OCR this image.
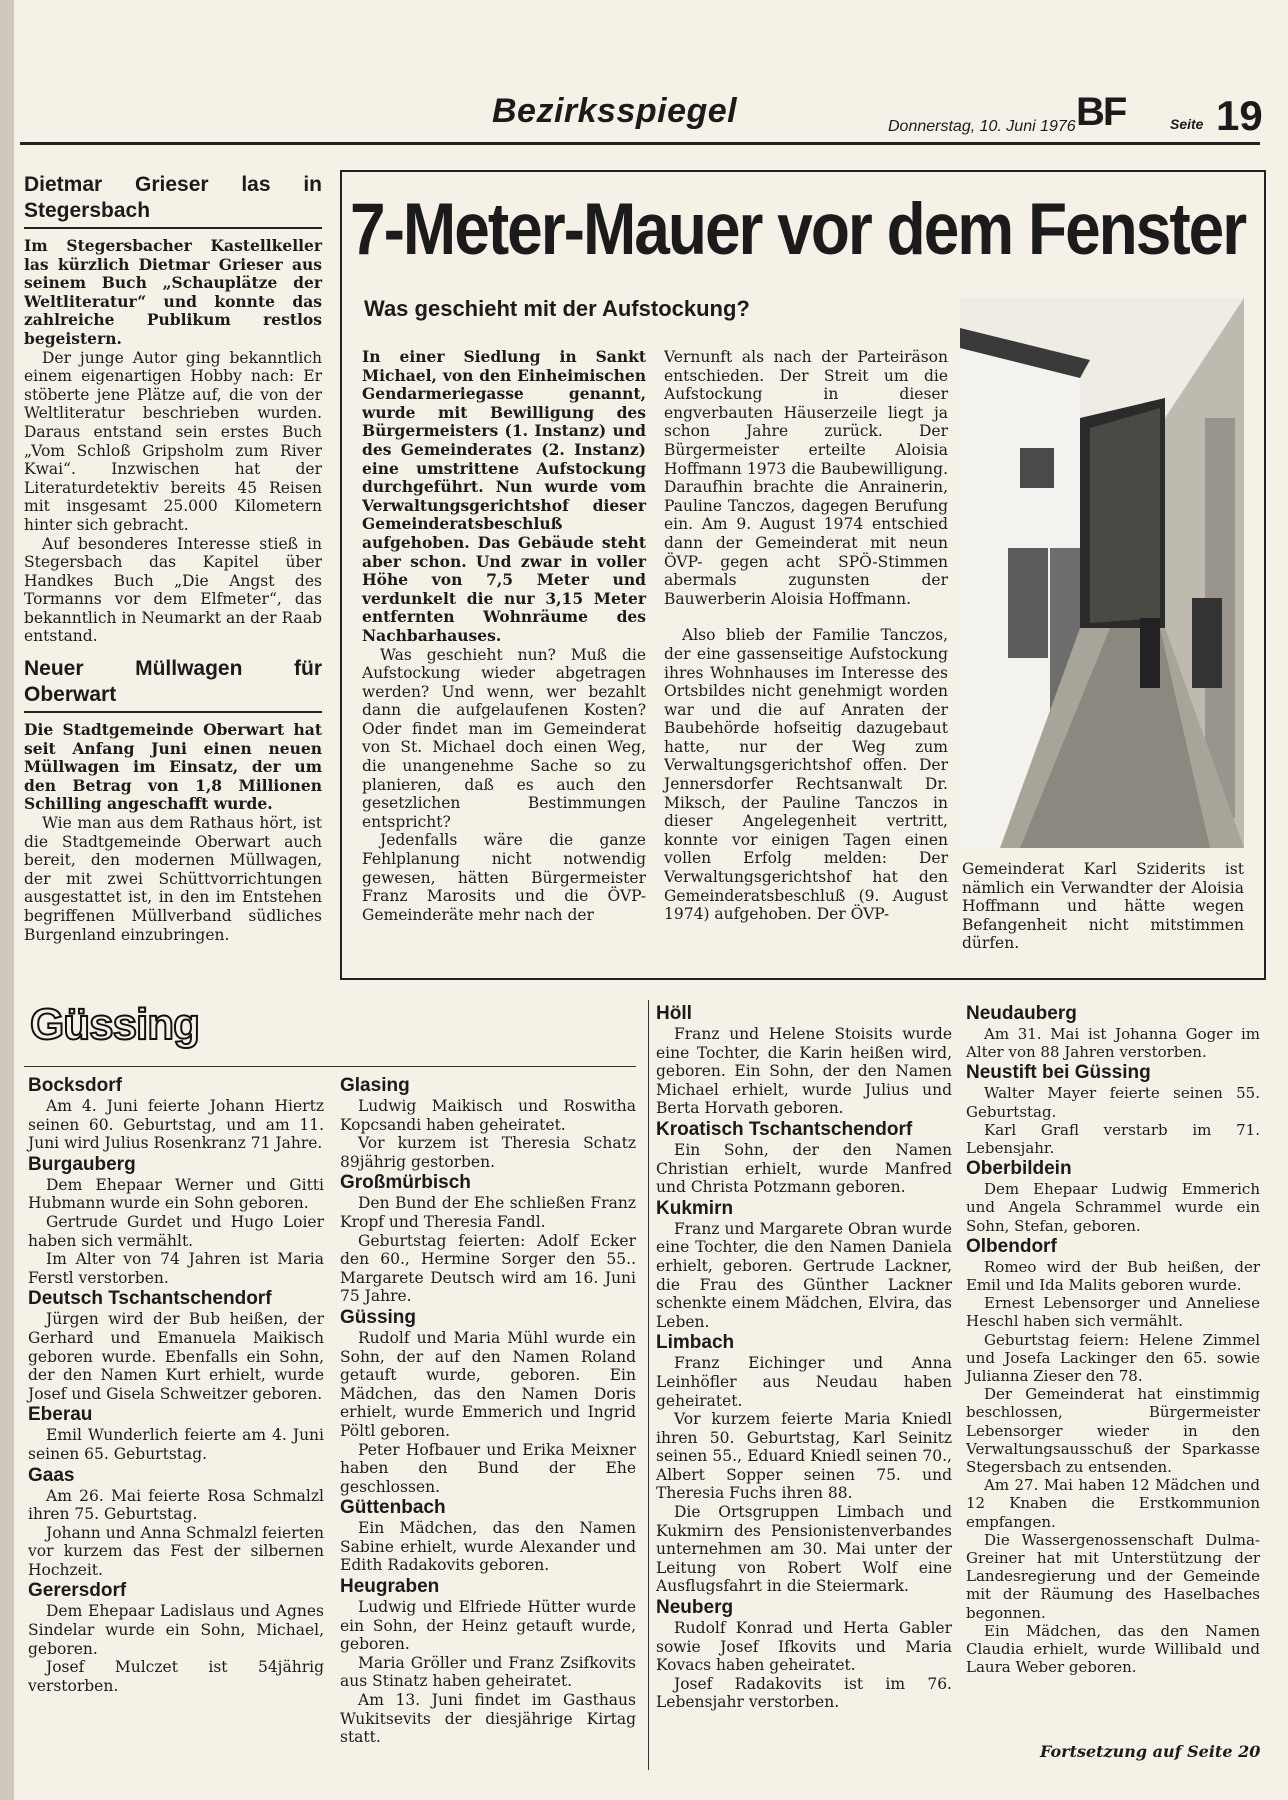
Bezirksspiegel	Donnerstag, 10. Juni 1976 BF	Seite 19
Dietmar Grieser las in Stegersbach

Im Stegersbacher Kastellkeller las kürzlich Dietmar Grieser aus seinem Buch „Schauplätze der Weltliteratur“ und konnte das zahlreiche Publikum restlos begeistern.

Der junge Autor ging bekanntlich einem eigenartigen Hobby nach: Er stöberte jene Plätze auf, die von der Weltliteratur beschrieben wurden. Daraus entstand sein erstes Buch „Vom Schloß Gripsholm zum River Kwai“. Inzwischen hat der Literaturdetektiv bereits 45 Reisen mit insgesamt 25.000 Kilometern hinter sich gebracht.

Auf besonderes Interesse stieß in Stegersbach das Kapitel über Handkes Buch „Die Angst des Tormanns vor dem Elfmeter“, das bekanntlich in Neumarkt an der Raab entstand.

Neuer Müllwagen für Oberwart

Die Stadtgemeinde Oberwart hat seit Anfang Juni einen neuen Müllwagen im Einsatz, der um den Betrag von 1,8 Millionen Schilling angeschafft wurde.

Wie man aus dem Rathaus hört, ist die Stadtgemeinde Oberwart auch bereit, den modernen Müllwagen, der mit zwei Schüttvorrichtungen ausgestattet ist, in den im Entstehen begriffenen Müllverband südliches Burgenland einzubringen.

7-Meter-Mauer vor dem Fenster
Was geschieht mit der Aufstockung?

In einer Siedlung in Sankt Michael, von den Einheimischen Gendarmeriegasse genannt, wurde mit Bewilligung des Bürgermeisters (1. Instanz) und des Gemeinderates (2. Instanz) eine umstrittene Aufstockung durchgeführt. Nun wurde vom Verwaltungsgerichtshof dieser Gemeinderatsbeschluß aufgehoben. Das Gebäude steht aber schon. Und zwar in voller Höhe von 7,5 Meter und verdunkelt die nur 3,15 Meter entfernten Wohnräume des Nachbarhauses.

Was geschieht nun? Muß die Aufstockung wieder abgetragen werden? Und wenn, wer bezahlt dann die aufgelaufenen Kosten? Oder findet man im Gemeinderat von St. Michael doch einen Weg, die unangenehme Sache so zu planieren, daß es auch den gesetzlichen Bestimmungen entspricht?

Jedenfalls wäre die ganze Fehlplanung nicht notwendig gewesen, hätten Bürgermeister Franz Marosits und die ÖVP-Gemeinderäte mehr nach der

Vernunft als nach der Parteiräson entschieden. Der Streit um die Aufstockung in dieser engverbauten Häuserzeile liegt ja schon Jahre zurück. Der Bürgermeister erteilte Aloisia Hoffmann 1973 die Baubewilligung. Daraufhin brachte die Anrainerin, Pauline Tanczos, dagegen Berufung ein. Am 9. August 1974 entschied dann der Gemeinderat mit neun ÖVP- gegen acht SPÖ-Stimmen abermals zugunsten der Bauwerberin Aloisia Hoffmann.

Also blieb der Familie Tanczos, der eine gassenseitige Aufstockung ihres Wohnhauses im Interesse des Ortsbildes nicht genehmigt worden war und die auf Anraten der Baubehörde hofseitig dazugebaut hatte, nur der Weg zum Verwaltungsgerichtshof offen. Der Jennersdorfer Rechtsanwalt Dr. Miksch, der Pauline Tanczos in dieser Angelegenheit vertritt, konnte vor einigen Tagen einen vollen Erfolg melden: Der Verwaltungsgerichtshof hat den Gemeinderatsbeschluß (9. August 1974) aufgehoben. Der ÖVP-

Gemeinderat Karl Sziderits ist nämlich ein Verwandter der Aloisia Hoffmann und hätte wegen Befangenheit nicht mitstimmen dürfen.
Güssing
Bocksdorf

Am 4. Juni feierte Johann Hiertz seinen 60. Geburtstag, und am 11. Juni wird Julius Rosenkranz 71 Jahre.

Burgauberg

Dem Ehepaar Werner und Gitti Hubmann wurde ein Sohn geboren.

Gertrude Gurdet und Hugo Loier haben sich vermählt.

Im Alter von 74 Jahren ist Maria Ferstl verstorben.

Deutsch Tschantschendorf

Jürgen wird der Bub heißen, der Gerhard und Emanuela Maikisch geboren wurde. Ebenfalls ein Sohn, der den Namen Kurt erhielt, wurde Josef und Gisela Schweitzer geboren.

Eberau

Emil Wunderlich feierte am 4. Juni seinen 65. Geburtstag.

Gaas

Am 26. Mai feierte Rosa Schmalzl ihren 75. Geburtstag.

Johann und Anna Schmalzl feierten vor kurzem das Fest der silbernen Hochzeit.

Gerersdorf

Dem Ehepaar Ladislaus und Agnes Sindelar wurde ein Sohn, Michael, geboren.

Josef Mulczet ist 54jährig verstorben.

Glasing

Ludwig Maikisch und Roswitha Kopcsandi haben geheiratet.

Vor kurzem ist Theresia Schatz 89jährig gestorben.

Großmürbisch

Den Bund der Ehe schließen Franz Kropf und Theresia Fandl.

Geburtstag feierten: Adolf Ecker den 60., Hermine Sorger den 55.. Margarete Deutsch wird am 16. Juni 75 Jahre.

Güssing

Rudolf und Maria Mühl wurde ein Sohn, der auf den Namen Roland getauft wurde, geboren. Ein Mädchen, das den Namen Doris erhielt, wurde Emmerich und Ingrid Pöltl geboren.

Peter Hofbauer und Erika Meixner haben den Bund der Ehe geschlossen.

Güttenbach

Ein Mädchen, das den Namen Sabine erhielt, wurde Alexander und Edith Radakovits geboren.

Heugraben

Ludwig und Elfriede Hütter wurde ein Sohn, der Heinz getauft wurde, geboren.

Maria Gröller und Franz Zsifkovits aus Stinatz haben geheiratet.

Am 13. Juni findet im Gasthaus Wukitsevits der diesjährige Kirtag statt.

Höll

Franz und Helene Stoisits wurde eine Tochter, die Karin heißen wird, geboren. Ein Sohn, der den Namen Michael erhielt, wurde Julius und Berta Horvath geboren.

Kroatisch Tschantschendorf

Ein Sohn, der den Namen Christian erhielt, wurde Manfred und Christa Potzmann geboren.

Kukmirn

Franz und Margarete Obran wurde eine Tochter, die den Namen Daniela erhielt, geboren. Gertrude Lackner, die Frau des Günther Lackner schenkte einem Mädchen, Elvira, das Leben.

Limbach

Franz Eichinger und Anna Leinhöfler aus Neudau haben geheiratet.

Vor kurzem feierte Maria Kniedl ihren 50. Geburtstag, Karl Seinitz seinen 55., Eduard Kniedl seinen 70., Albert Sopper seinen 75. und Theresia Fuchs ihren 88.

Die Ortsgruppen Limbach und Kukmirn des Pensionistenverbandes unternehmen am 30. Mai unter der Leitung von Robert Wolf eine Ausflugsfahrt in die Steiermark.

Neuberg

Rudolf Konrad und Herta Gabler sowie Josef Ifkovits und Maria Kovacs haben geheiratet.

Josef Radakovits ist im 76. Lebensjahr verstorben.

Neudauberg

Am 31. Mai ist Johanna Goger im Alter von 88 Jahren verstorben.

Neustift bei Güssing

Walter Mayer feierte seinen 55. Geburtstag.

Karl Grafl verstarb im 71. Lebensjahr.

Oberbildein

Dem Ehepaar Ludwig Emmerich und Angela Schrammel wurde ein Sohn, Stefan, geboren.

Olbendorf

Romeo wird der Bub heißen, der Emil und Ida Malits geboren wurde.

Ernest Lebensorger und Anneliese Heschl haben sich vermählt.

Geburtstag feiern: Helene Zimmel und Josefa Lackinger den 65. sowie Julianna Zieser den 78.

Der Gemeinderat hat einstimmig beschlossen, Bürgermeister Lebensorger wieder in den Verwaltungsausschuß der Sparkasse Stegersbach zu entsenden.

Am 27. Mai haben 12 Mädchen und 12 Knaben die Erstkommunion empfangen.

Die Wassergenossenschaft Dulma-Greiner hat mit Unterstützung der Landesregierung und der Gemeinde mit der Räumung des Haselbaches begonnen.

Ein Mädchen, das den Namen Claudia erhielt, wurde Willibald und Laura Weber geboren.

Fortsetzung auf Seite 20
